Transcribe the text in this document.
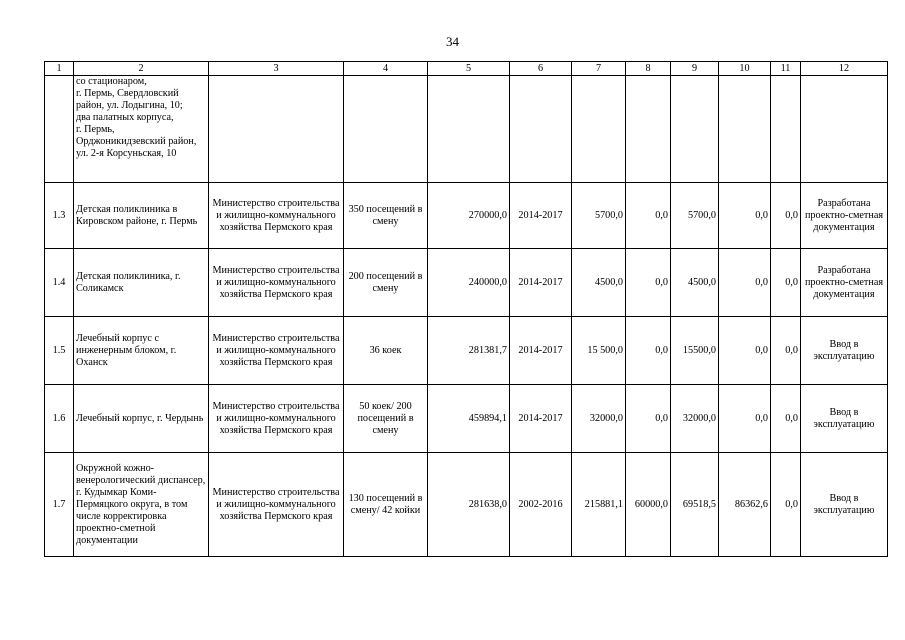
34
1	2	3	4	5	6	7	8	9	10	11	12
	со стационаром,
г. Пермь, Свердловский район, ул. Лодыгина, 10;
два палатных корпуса,
г. Пермь,
Орджоникидзевский район, ул. 2-я Корсуньская, 10										
1.3	Детская поликлиника в Кировском районе, г. Пермь	Министерство строительства и жилищно-коммунального хозяйства Пермского края	350 посещений в смену	270000,0	2014-2017	5700,0	0,0	5700,0	0,0	0,0	Разработана проектно-сметная документация
1.4	Детская поликлиника, г. Соликамск	Министерство строительства и жилищно-коммунального хозяйства Пермского края	200 посещений в смену	240000,0	2014-2017	4500,0	0,0	4500,0	0,0	0,0	Разработана проектно-сметная документация
1.5	Лечебный корпус с инженерным блоком, г. Оханск	Министерство строительства и жилищно-коммунального хозяйства Пермского края	36 коек	281381,7	2014-2017	15 500,0	0,0	15500,0	0,0	0,0	Ввод в эксплуатацию
1.6	Лечебный корпус, г. Чердынь	Министерство строительства и жилищно-коммунального хозяйства Пермского края	50 коек/ 200 посещений в смену	459894,1	2014-2017	32000,0	0,0	32000,0	0,0	0,0	Ввод в эксплуатацию
1.7	Окружной кожно-венерологический диспансер, г. Кудымкар Коми-Пермяцкого округа, в том числе корректировка проектно-сметной документации	Министерство строительства и жилищно-коммунального хозяйства Пермского края	130 посещений в смену/ 42 койки	281638,0	2002-2016	215881,1	60000,0	69518,5	86362,6	0,0	Ввод в эксплуатацию
